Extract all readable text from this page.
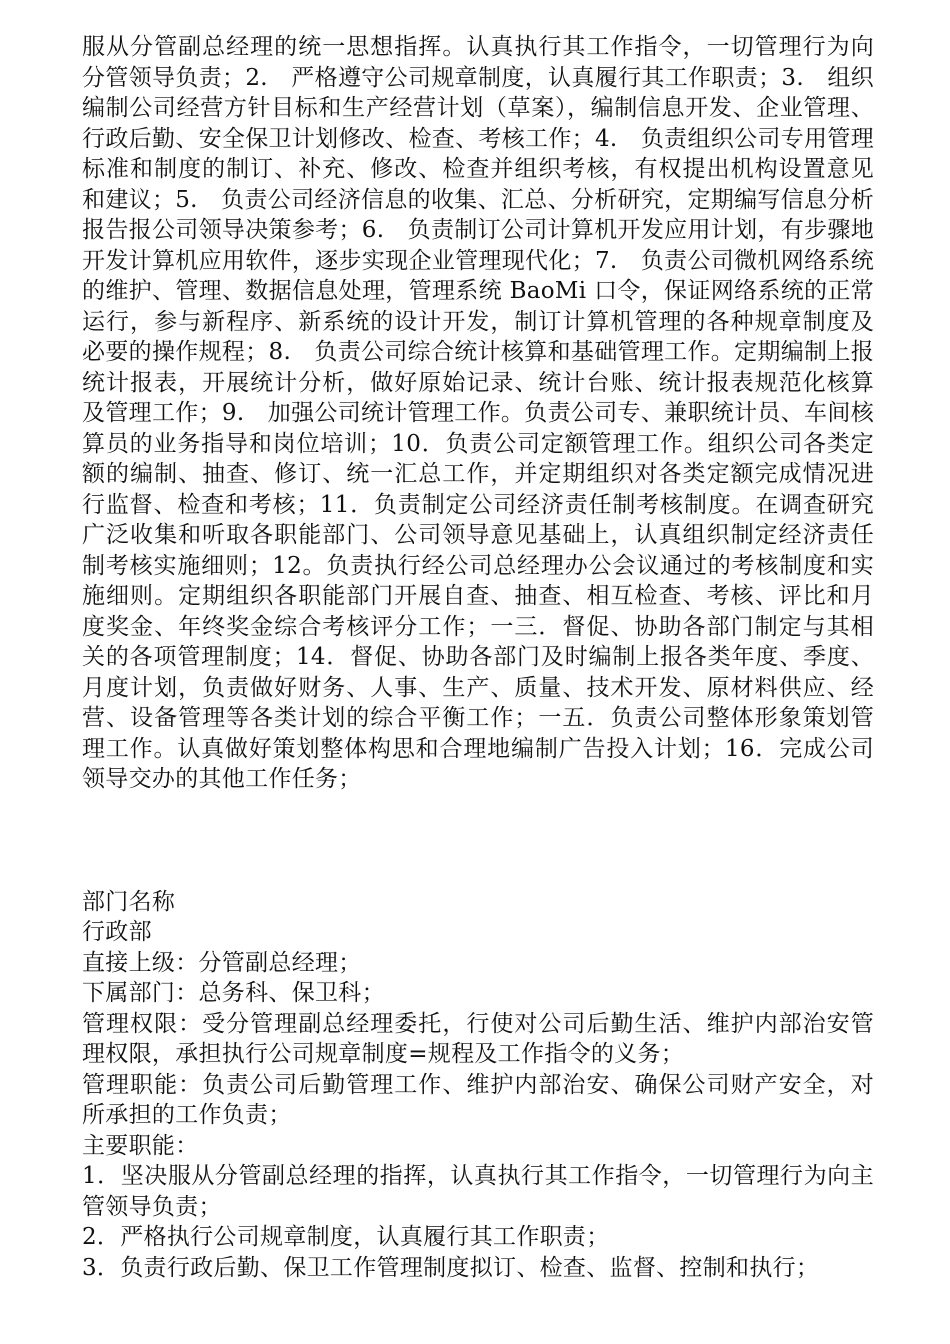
服从分管副总经理的统一思想指挥。认真执行其工作指令，一切管理行为向分管领导负责；2.　严格遵守公司规章制度，认真履行其工作职责；3.　组织编制公司经营方针目标和生产经营计划（草案），编制信息开发、企业管理、行政后勤、安全保卫计划修改、检查、考核工作；4.　负责组织公司专用管理标准和制度的制订、补充、修改、检查并组织考核，有权提出机构设置意见和建议；5.　负责公司经济信息的收集、汇总、分析研究，定期编写信息分析报告报公司领导决策参考；6.　负责制订公司计算机开发应用计划，有步骤地开发计算机应用软件，逐步实现企业管理现代化；7.　负责公司微机网络系统的维护、管理、数据信息处理，管理系统 BaoMi 口令，保证网络系统的正常运行，参与新程序、新系统的设计开发，制订计算机管理的各种规章制度及必要的操作规程；8.　负责公司综合统计核算和基础管理工作。定期编制上报统计报表，开展统计分析，做好原始记录、统计台账、统计报表规范化核算及管理工作；9.　加强公司统计管理工作。负责公司专、兼职统计员、车间核算员的业务指导和岗位培训；10．负责公司定额管理工作。组织公司各类定额的编制、抽查、修订、统一汇总工作，并定期组织对各类定额完成情况进行监督、检查和考核；11．负责制定公司经济责任制考核制度。在调查研究广泛收集和听取各职能部门、公司领导意见基础上，认真组织制定经济责任制考核实施细则；12。负责执行经公司总经理办公会议通过的考核制度和实施细则。定期组织各职能部门开展自查、抽查、相互检查、考核、评比和月度奖金、年终奖金综合考核评分工作；一三．督促、协助各部门制定与其相关的各项管理制度；14．督促、协助各部门及时编制上报各类年度、季度、月度计划，负责做好财务、人事、生产、质量、技术开发、原材料供应、经营、设备管理等各类计划的综合平衡工作；一五．负责公司整体形象策划管理工作。认真做好策划整体构思和合理地编制广告投入计划；16．完成公司领导交办的其他工作任务；

部门名称

行政部

直接上级：分管副总经理；

下属部门：总务科、保卫科；

管理权限：受分管理副总经理委托，行使对公司后勤生活、维护内部治安管理权限，承担执行公司规章制度=规程及工作指令的义务；

管理职能：负责公司后勤管理工作、维护内部治安、确保公司财产安全，对所承担的工作负责；

主要职能：

1．坚决服从分管副总经理的指挥，认真执行其工作指令，一切管理行为向主管领导负责；

2．严格执行公司规章制度，认真履行其工作职责；

3．负责行政后勤、保卫工作管理制度拟订、检查、监督、控制和执行；
